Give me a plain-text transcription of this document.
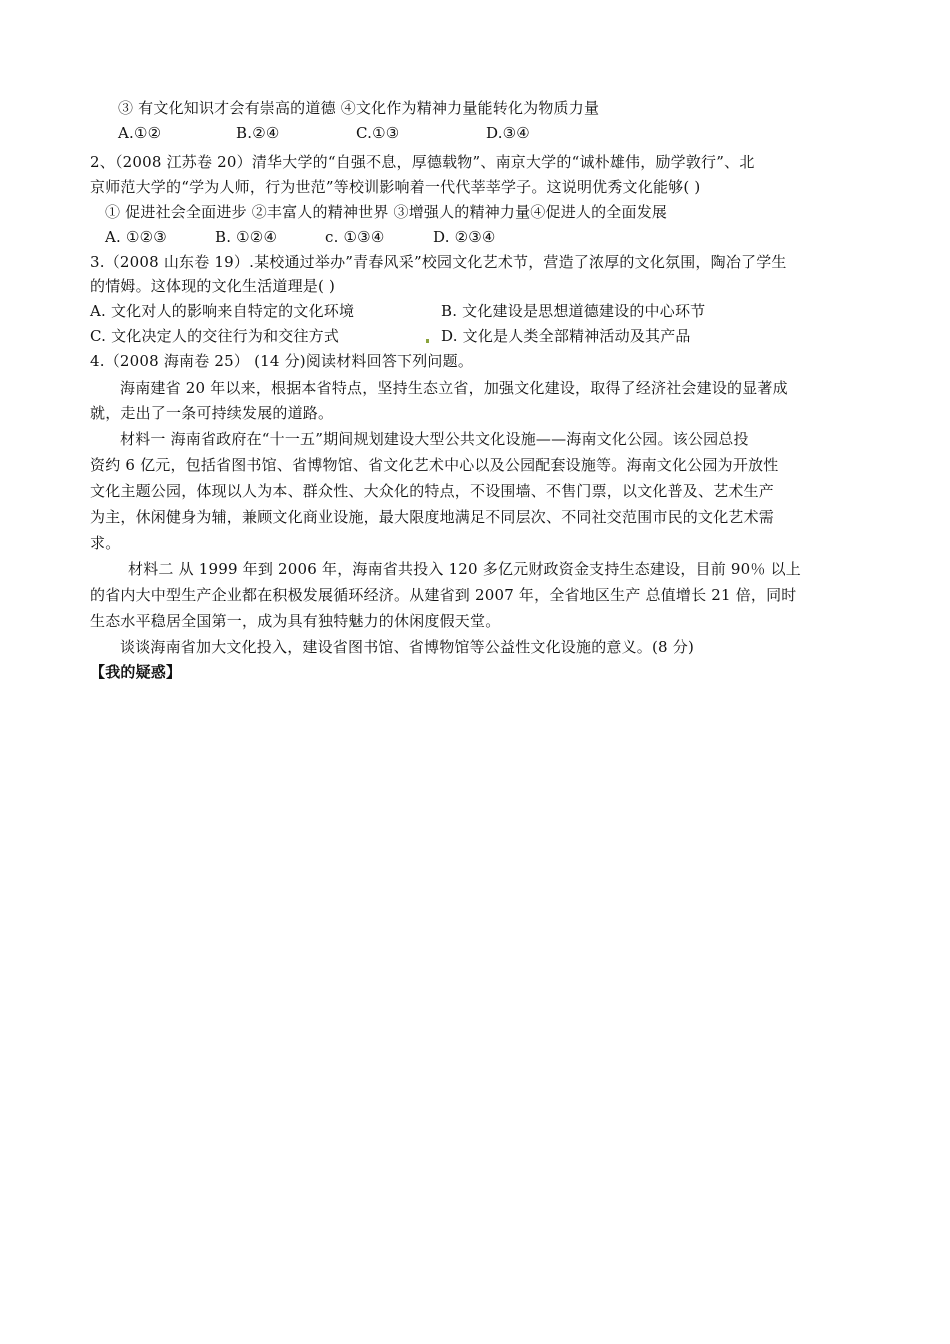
③ 有文化知识才会有崇高的道德 ④文化作为精神力量能转化为物质力量
A.①②	B.②④	C.①③	D.③④
2、（2008 江苏卷 20）清华大学的“自强不息，厚德载物”、南京大学的“诚朴雄伟，励学敦行”、北
京师范大学的“学为人师，行为世范”等校训影响着一代代莘莘学子。这说明优秀文化能够( )
① 促进社会全面进步 ②丰富人的精神世界 ③增强人的精神力量④促进人的全面发展
A. ①②③	B. ①②④	c. ①③④	D. ②③④
3.（2008 山东卷 19）.某校通过举办”青春风采”校园文化艺术节，营造了浓厚的文化氛围，陶冶了学生
的情姆。这体现的文化生活道理是( )
A. 文化对人的影响来自特定的文化环境	B. 文化建设是思想道德建设的中心环节
C. 文化决定人的交往行为和交往方式	D. 文化是人类全部精神活动及其产品
4.（2008 海南卷 25） (14 分)阅读材料回答下列问题。
海南建省 20 年以来，根据本省特点，坚持生态立省，加强文化建设，取得了经济社会建设的显著成
就，走出了一条可持续发展的道路。
材料一 海南省政府在“十一五”期间规划建设大型公共文化设施——海南文化公园。该公园总投
资约 6 亿元，包括省图书馆、省博物馆、省文化艺术中心以及公园配套设施等。海南文化公园为开放性
文化主题公园，体现以人为本、群众性、大众化的特点，不设围墙、不售门票，以文化普及、艺术生产
为主，休闲健身为辅，兼顾文化商业设施，最大限度地满足不同层次、不同社交范围市民的文化艺术需
求。
材料二 从 1999 年到 2006 年，海南省共投入 120 多亿元财政资金支持生态建设，目前 90％ 以上
的省内大中型生产企业都在积极发展循环经济。从建省到 2007 年，全省地区生产 总值增长 21 倍，同时
生态水平稳居全国第一，成为具有独特魅力的休闲度假天堂。
谈谈海南省加大文化投入，建设省图书馆、省博物馆等公益性文化设施的意义。(8 分)
【我的疑惑】
